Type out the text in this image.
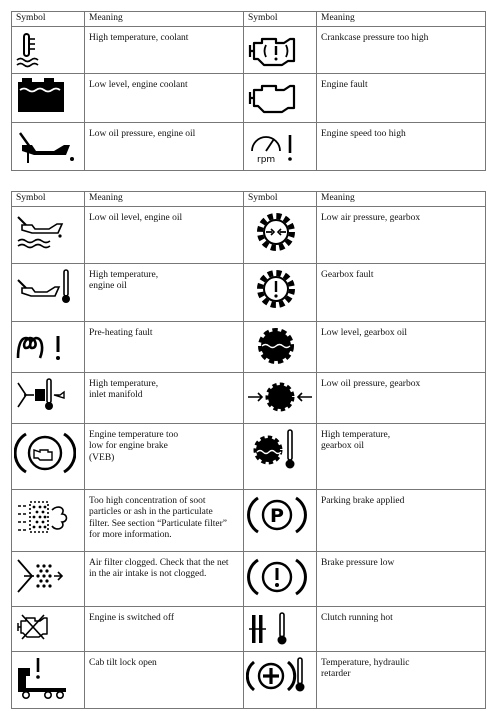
Symbol	Meaning	Symbol	Meaning

	High temperature, coolant		Crankcase pressure too high

	Low level, engine coolant		Engine fault

	Low oil pressure, engine oil	rpm	Engine speed too high
Symbol	Meaning	Symbol	Meaning

	Low oil level, engine oil		Low air pressure, gearbox

	High temperature,
engine oil		Gearbox fault

	Pre-heating fault		Low level, gearbox oil

	High temperature,
inlet manifold		Low oil pressure, gearbox

	Engine temperature too
low for engine brake
(VEB)		High temperature,
gearbox oil

	Too high concentration of soot
particles or ash in the particulate
filter. See section “Particulate filter”
for more information.	P	Parking brake applied

	Air filter clogged. Check that the net
in the air intake is not clogged.		Brake pressure low

	Engine is switched off		Clutch running hot

	Cab tilt lock open		Temperature, hydraulic
retarder
